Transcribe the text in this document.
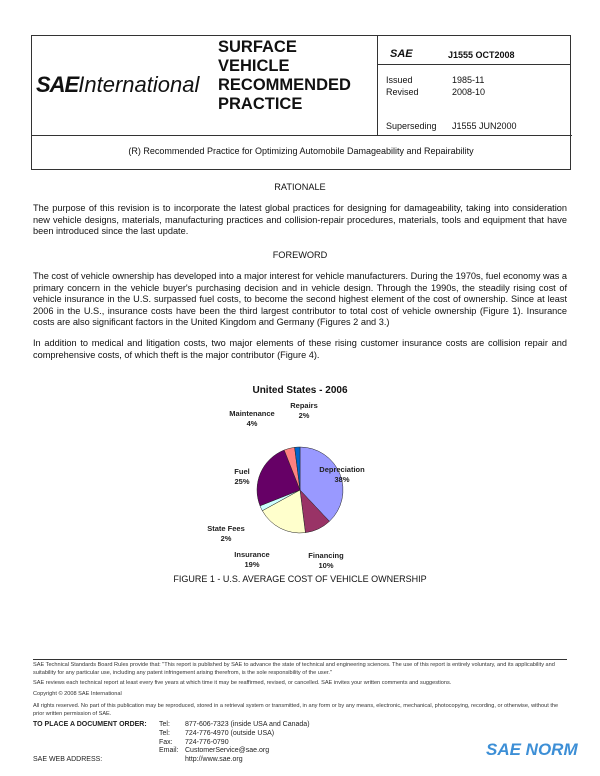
SAEInternational
SURFACE
VEHICLE
RECOMMENDED
PRACTICE
SAE	J1555 OCT2008
Issued	1985-11
Revised	2008-10
Superseding J1555 JUN2000
(R) Recommended Practice for Optimizing Automobile Damageability and Repairability
RATIONALE
The purpose of this revision is to incorporate the latest global practices for designing for damageability, taking into consideration new vehicle designs, materials, manufacturing practices and collision-repair procedures, materials, tools and equipment that have been introduced since the last update.
FOREWORD
The cost of vehicle ownership has developed into a major interest for vehicle manufacturers. During the 1970s, fuel economy was a primary concern in the vehicle buyer's purchasing decision and in vehicle design. Through the 1990s, the steadily rising cost of vehicle insurance in the U.S. surpassed fuel costs, to become the second highest element of the cost of ownership. Since at least 2006 in the U.S., insurance costs have been the third largest contributor to total cost of vehicle ownership (Figure 1). Insurance costs are also significant factors in the United Kingdom and Germany (Figures 2 and 3.)
In addition to medical and litigation costs, two major elements of these rising customer insurance costs are collision repair and comprehensive costs, of which theft is the major contributor (Figure 4).
United States - 2006
Depreciation
38%
Financing
10%
Insurance
19%
State Fees
2%
Fuel
25%
Maintenance
4%
Repairs
2%
FIGURE 1 - U.S. AVERAGE COST OF VEHICLE OWNERSHIP
SAE Technical Standards Board Rules provide that: "This report is published by SAE to advance the state of technical and engineering sciences. The use of this report is entirely voluntary, and its applicability and suitability for any particular use, including any patent infringement arising therefrom, is the sole responsibility of the user."
SAE reviews each technical report at least every five years at which time it may be reaffirmed, revised, or cancelled. SAE invites your written comments and suggestions.
Copyright © 2008 SAE International
All rights reserved. No part of this publication may be reproduced, stored in a retrieval system or transmitted, in any form or by any means, electronic, mechanical, photocopying, recording, or otherwise, without the prior written permission of SAE.
TO PLACE A DOCUMENT ORDER:
SAE WEB ADDRESS:
Tel: 877-606-7323 (inside USA and Canada)
Tel: 724-776-4970 (outside USA)
Fax: 724-776-0790
Email: CustomerService@sae.org
http://www.sae.org
SAE NORM
